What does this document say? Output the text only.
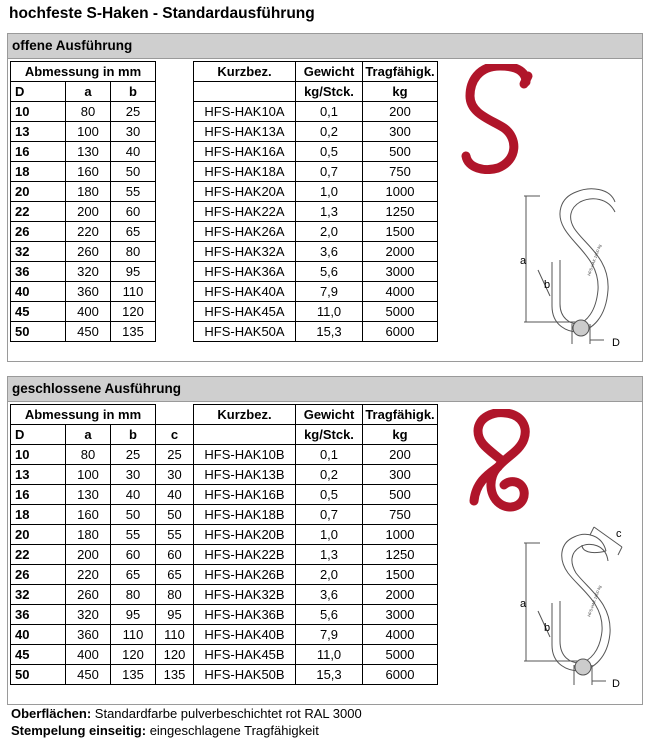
hochfeste S-Haken - Standardausführung
offene Ausführung
Abmessung in mm				Kurzbez.	Gewicht	Tragfähigk.
D	a	b			kg/Stck.	kg
10	80	25		HFS-HAK10A	0,1	200
13	100	30		HFS-HAK13A	0,2	300
16	130	40		HFS-HAK16A	0,5	500
18	160	50		HFS-HAK18A	0,7	750
20	180	55		HFS-HAK20A	1,0	1000
22	200	60		HFS-HAK22A	1,3	1250
26	220	65		HFS-HAK26A	2,0	1500
32	260	80		HFS-HAK32A	3,6	2000
36	320	95		HFS-HAK36A	5,6	3000
40	360	110		HFS-HAK40A	7,9	4000
45	400	120		HFS-HAK45A	11,0	5000
50	450	135		HFS-HAK50A	15,3	6000
a
b
D
HFS-HAK 1000 kg
geschlossene Ausführung
Abmessung in mm				Kurzbez.	Gewicht	Tragfähigk.
D	a	b	c		kg/Stck.	kg
10	80	25	25	HFS-HAK10B	0,1	200
13	100	30	30	HFS-HAK13B	0,2	300
16	130	40	40	HFS-HAK16B	0,5	500
18	160	50	50	HFS-HAK18B	0,7	750
20	180	55	55	HFS-HAK20B	1,0	1000
22	200	60	60	HFS-HAK22B	1,3	1250
26	220	65	65	HFS-HAK26B	2,0	1500
32	260	80	80	HFS-HAK32B	3,6	2000
36	320	95	95	HFS-HAK36B	5,6	3000
40	360	110	110	HFS-HAK40B	7,9	4000
45	400	120	120	HFS-HAK45B	11,0	5000
50	450	135	135	HFS-HAK50B	15,3	6000
a
b
c
D
HFS-HAK 1000 kg
Oberflächen: Standardfarbe pulverbeschichtet rot RAL 3000
Stempelung einseitig: eingeschlagene Tragfähigkeit
